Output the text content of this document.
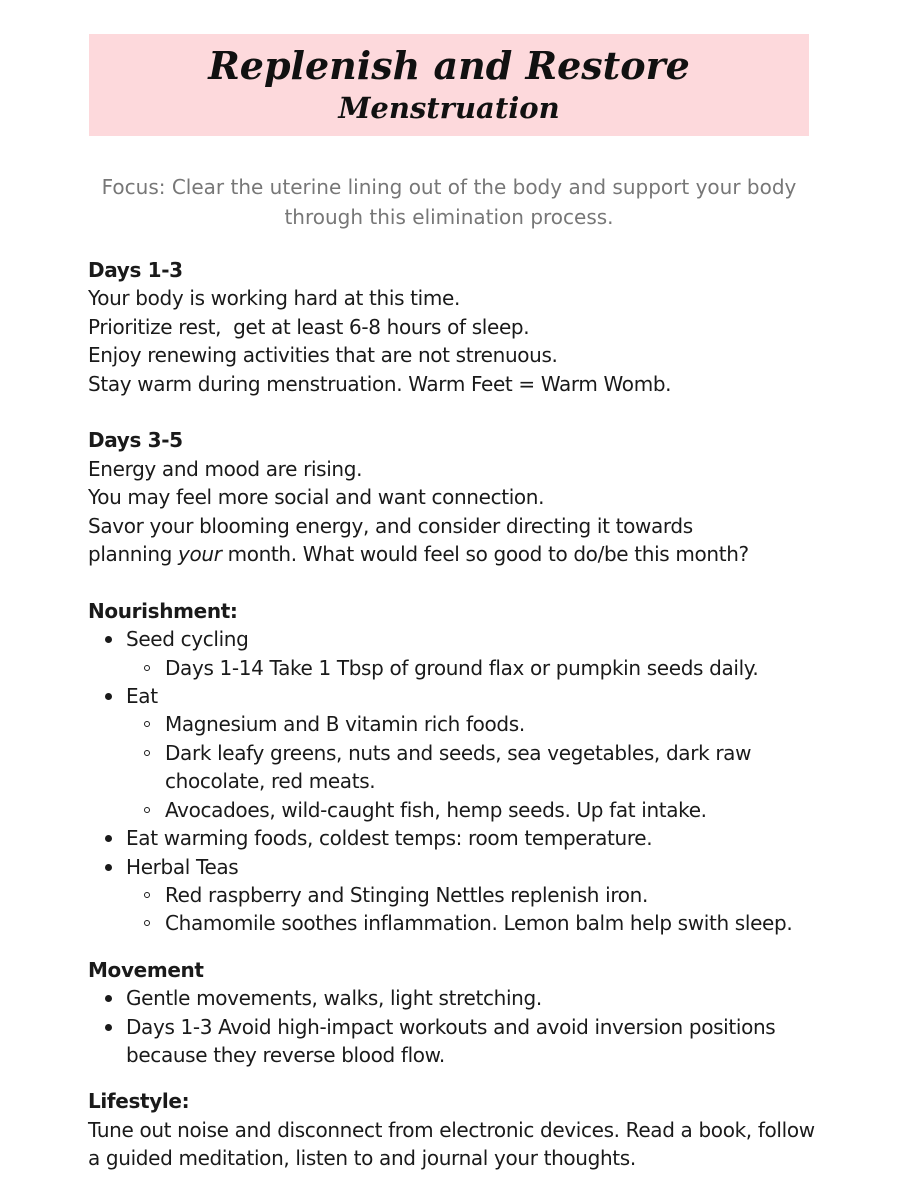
Replenish and Restore
Menstruation

Focus: Clear the uterine lining out of the body and support your body through this elimination process.

Days 1-3

Your body is working hard at this time.

Prioritize rest,  get at least 6-8 hours of sleep.

Enjoy renewing activities that are not strenuous.

Stay warm during menstruation. Warm Feet = Warm Womb.

Days 3-5

Energy and mood are rising.

You may feel more social and want connection.

Savor your blooming energy, and consider directing it towards

planning your month. What would feel so good to do/be this month?

Nourishment:

Seed cycling
Days 1-14 Take 1 Tbsp of ground flax or pumpkin seeds daily.
Eat
Magnesium and B vitamin rich foods.
Dark leafy greens, nuts and seeds, sea vegetables, dark raw chocolate, red meats.
Avocadoes, wild-caught fish, hemp seeds. Up fat intake.
Eat warming foods, coldest temps: room temperature.
Herbal Teas
Red raspberry and Stinging Nettles replenish iron.
Chamomile soothes inflammation. Lemon balm help swith sleep.

Movement

Gentle movements, walks, light stretching.
Days 1-3 Avoid high-impact workouts and avoid inversion positions because they reverse blood flow.

Lifestyle:

Tune out noise and disconnect from electronic devices. Read a book, follow a guided meditation, listen to and journal your thoughts.
